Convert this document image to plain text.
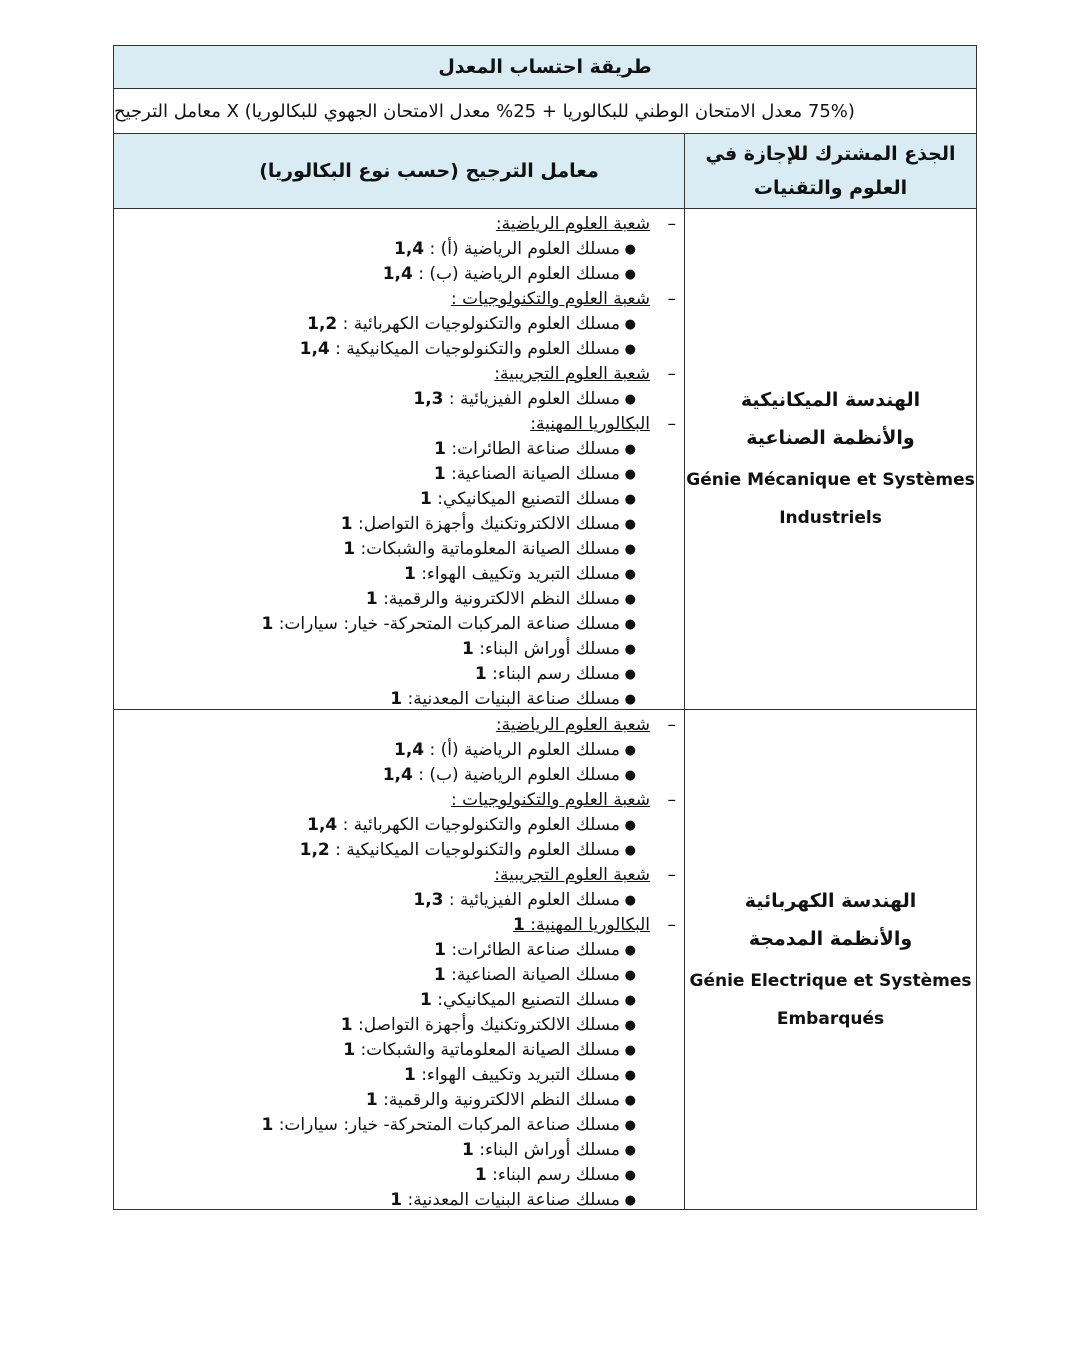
طريقة احتساب المعدل
(75% معدل الامتحان الوطني للبكالوريا + 25% معدل الامتحان الجهوي للبكالوريا) X معامل الترجيح
الجذع المشترك للإجازة في العلوم والتقنيات
معامل الترجيح (حسب نوع البكالوريا)
الهندسة الميكانيكية والأنظمة الصناعية
Génie Mécanique et Systèmes
Industriels
–
شعبة العلوم الرياضية:
●
مسلك العلوم الرياضية (أ) : 1,4
●
مسلك العلوم الرياضية (ب) : 1,4
–
شعبة العلوم والتكنولوجيات :
●
مسلك العلوم والتكنولوجيات الكهربائية : 1,2
●
مسلك العلوم والتكنولوجيات الميكانيكية : 1,4
–
شعبة العلوم التجريبية:
●
مسلك العلوم الفيزيائية : 1,3
–
البكالوريا المهنية:
●
مسلك صناعة الطائرات: 1
●
مسلك الصيانة الصناعية: 1
●
مسلك التصنيع الميكانيكي: 1
●
مسلك الالكتروتكنيك وأجهزة التواصل: 1
●
مسلك الصيانة المعلوماتية والشبكات: 1
●
مسلك التبريد وتكييف الهواء: 1
●
مسلك النظم الالكترونية والرقمية: 1
●
مسلك صناعة المركبات المتحركة- خيار: سيارات: 1
●
مسلك أوراش البناء: 1
●
مسلك رسم البناء: 1
●
مسلك صناعة البنيات المعدنية: 1
الهندسة الكهربائية والأنظمة المدمجة
Génie Electrique et Systèmes
Embarqués
–
شعبة العلوم الرياضية:
●
مسلك العلوم الرياضية (أ) : 1,4
●
مسلك العلوم الرياضية (ب) : 1,4
–
شعبة العلوم والتكنولوجيات :
●
مسلك العلوم والتكنولوجيات الكهربائية : 1,4
●
مسلك العلوم والتكنولوجيات الميكانيكية : 1,2
–
شعبة العلوم التجريبية:
●
مسلك العلوم الفيزيائية : 1,3
–
البكالوريا المهنية: 1
●
مسلك صناعة الطائرات: 1
●
مسلك الصيانة الصناعية: 1
●
مسلك التصنيع الميكانيكي: 1
●
مسلك الالكتروتكنيك وأجهزة التواصل: 1
●
مسلك الصيانة المعلوماتية والشبكات: 1
●
مسلك التبريد وتكييف الهواء: 1
●
مسلك النظم الالكترونية والرقمية: 1
●
مسلك صناعة المركبات المتحركة- خيار: سيارات: 1
●
مسلك أوراش البناء: 1
●
مسلك رسم البناء: 1
●
مسلك صناعة البنيات المعدنية: 1
